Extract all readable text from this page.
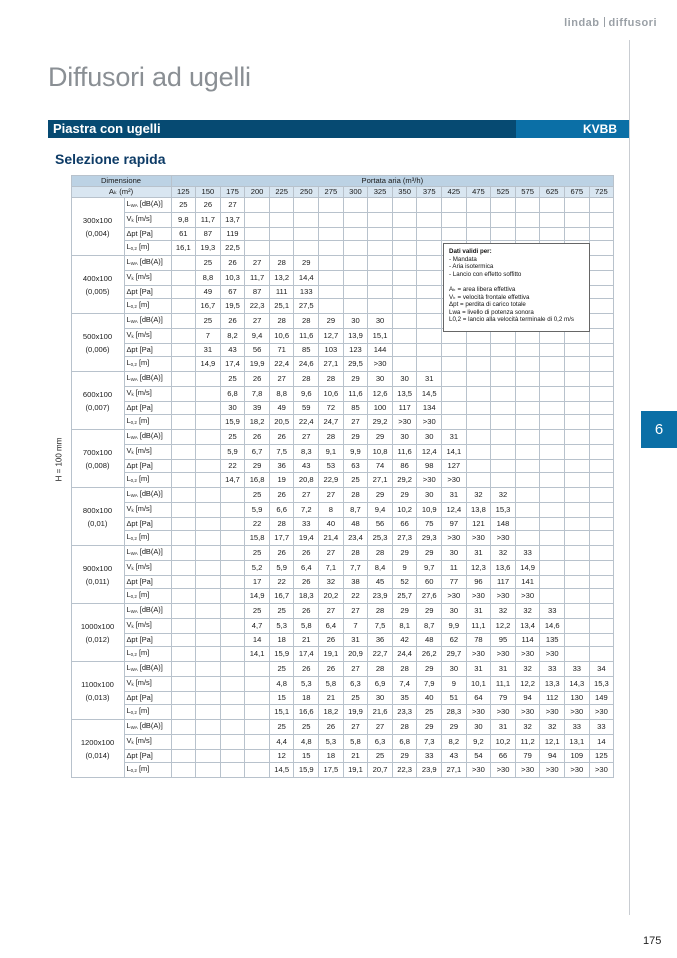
lindab diffusori
Diffusori ad ugelli
Piastra con ugelli	KVBB
Selezione rapida
H = 100 mm
	Dimensione		Portata aria (m³/h)																	
	Aₖ (m²)		125	150	175	200	225	250	275	300	325	350	375	425	475	525	575	625	675	725

	300x100
(0,004)	$L_{WA}$ [dB(A)]	25	26	27															
		$V_k$ [m/s]	9,8	11,7	13,7															
		Δpt [Pa]	61	87	119															
		$L_{0,2}$ [m]	16,1	19,3	22,5															

	400x100
(0,005)	$L_{WA}$ [dB(A)]		25	26	27	28	29												
		$V_k$ [m/s]		8,8	10,3	11,7	13,2	14,4												
		Δpt [Pa]		49	67	87	111	133												
		$L_{0,2}$ [m]		16,7	19,5	22,3	25,1	27,5												

	500x100
(0,006)	$L_{WA}$ [dB(A)]		25	26	27	28	28	29	30	30									
		$V_k$ [m/s]		7	8,2	9,4	10,6	11,6	12,7	13,9	15,1									
		Δpt [Pa]		31	43	56	71	85	103	123	144									
		$L_{0,2}$ [m]		14,9	17,4	19,9	22,4	24,6	27,1	29,5	>30									

	600x100
(0,007)	$L_{WA}$ [dB(A)]			25	26	27	28	28	29	30	30	31							
		$V_k$ [m/s]			6,8	7,8	8,8	9,6	10,6	11,6	12,6	13,5	14,5							
		Δpt [Pa]			30	39	49	59	72	85	100	117	134							
		$L_{0,2}$ [m]			15,9	18,2	20,5	22,4	24,7	27	29,2	>30	>30							

	700x100
(0,008)	$L_{WA}$ [dB(A)]			25	26	26	27	28	29	29	30	30	31						
		$V_k$ [m/s]			5,9	6,7	7,5	8,3	9,1	9,9	10,8	11,6	12,4	14,1						
		Δpt [Pa]			22	29	36	43	53	63	74	86	98	127						
		$L_{0,2}$ [m]			14,7	16,8	19	20,8	22,9	25	27,1	29,2	>30	>30						

	800x100
(0,01)	$L_{WA}$ [dB(A)]				25	26	27	27	28	29	29	30	31	32	32				
		$V_k$ [m/s]				5,9	6,6	7,2	8	8,7	9,4	10,2	10,9	12,4	13,8	15,3				
		Δpt [Pa]				22	28	33	40	48	56	66	75	97	121	148				
		$L_{0,2}$ [m]				15,8	17,7	19,4	21,4	23,4	25,3	27,3	29,3	>30	>30	>30				

	900x100
(0,011)	$L_{WA}$ [dB(A)]				25	26	26	27	28	28	29	29	30	31	32	33			
		$V_k$ [m/s]				5,2	5,9	6,4	7,1	7,7	8,4	9	9,7	11	12,3	13,6	14,9			
		Δpt [Pa]				17	22	26	32	38	45	52	60	77	96	117	141			
		$L_{0,2}$ [m]				14,9	16,7	18,3	20,2	22	23,9	25,7	27,6	>30	>30	>30	>30			

	1000x100
(0,012)	$L_{WA}$ [dB(A)]				25	25	26	27	27	28	29	29	30	31	32	32	33		
		$V_k$ [m/s]				4,7	5,3	5,8	6,4	7	7,5	8,1	8,7	9,9	11,1	12,2	13,4	14,6		
		Δpt [Pa]				14	18	21	26	31	36	42	48	62	78	95	114	135		
		$L_{0,2}$ [m]				14,1	15,9	17,4	19,1	20,9	22,7	24,4	26,2	29,7	>30	>30	>30	>30		

	1100x100
(0,013)	$L_{WA}$ [dB(A)]					25	26	26	27	28	28	29	30	31	31	32	33	33	34
		$V_k$ [m/s]					4,8	5,3	5,8	6,3	6,9	7,4	7,9	9	10,1	11,1	12,2	13,3	14,3	15,3
		Δpt [Pa]					15	18	21	25	30	35	40	51	64	79	94	112	130	149
		$L_{0,2}$ [m]					15,1	16,6	18,2	19,9	21,6	23,3	25	28,3	>30	>30	>30	>30	>30	>30

	1200x100
(0,014)	$L_{WA}$ [dB(A)]					25	25	26	27	27	28	29	29	30	31	32	32	33	33
		$V_k$ [m/s]					4,4	4,8	5,3	5,8	6,3	6,8	7,3	8,2	9,2	10,2	11,2	12,1	13,1	14
		Δpt [Pa]					12	15	18	21	25	29	33	43	54	66	79	94	109	125
		$L_{0,2}$ [m]					14,5	15,9	17,5	19,1	20,7	22,3	23,9	27,1	>30	>30	>30	>30	>30	>30
Dati validi per:
- Mandata
- Aria isotermica
- Lancio con effetto soffitto

Aₖ = area libera effettiva
Vₖ = velocità frontale effettiva
Δpt = perdita di carico totale
Lwa = livello di potenza sonora
L0,2 = lancio alla velocità terminale di 0,2 m/s
6
175
